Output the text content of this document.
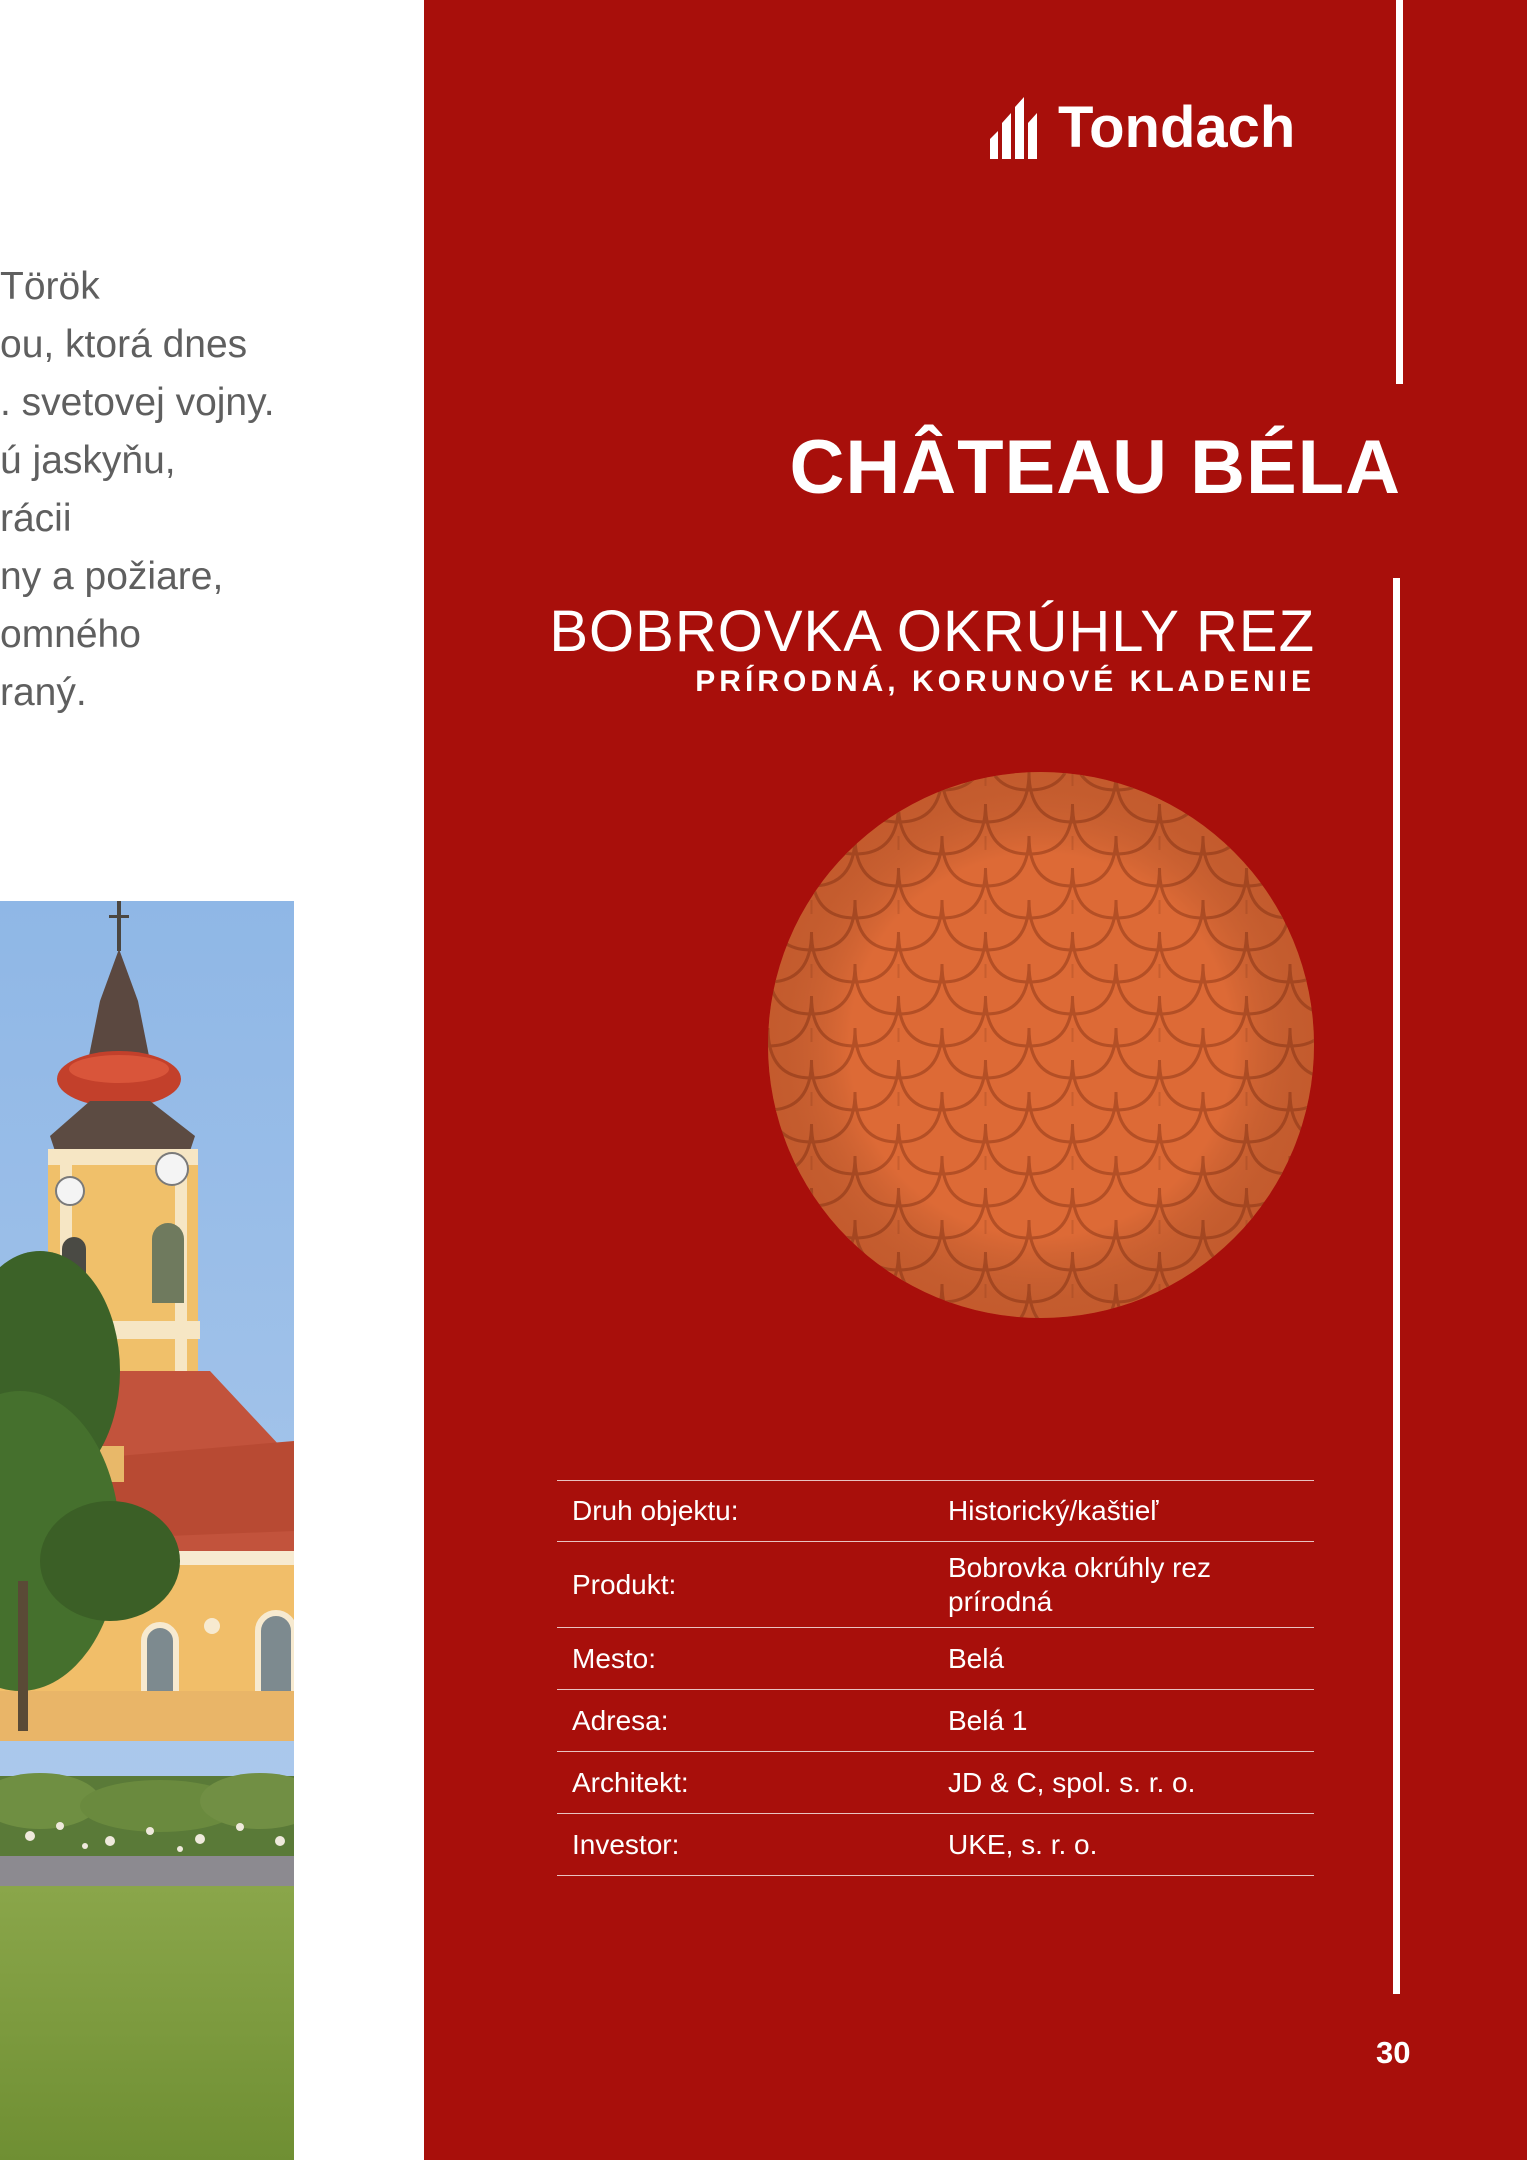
Török
ou, ktorá dnes
. svetovej vojny.
ú jaskyňu,
rácii
ny a požiare,
omného
raný.
Tondach
CHÂTEAU BÉLA
BOBROVKA OKRÚHLY REZ
PRÍRODNÁ, KORUNOVÉ KLADENIE
Druh objektu:	Historický/kaštieľ
Produkt:	Bobrovka okrúhly rez
prírodná
Mesto:	Belá
Adresa:	Belá 1
Architekt:	JD & C, spol. s. r. o.
Investor:	UKE, s. r. o.
30
